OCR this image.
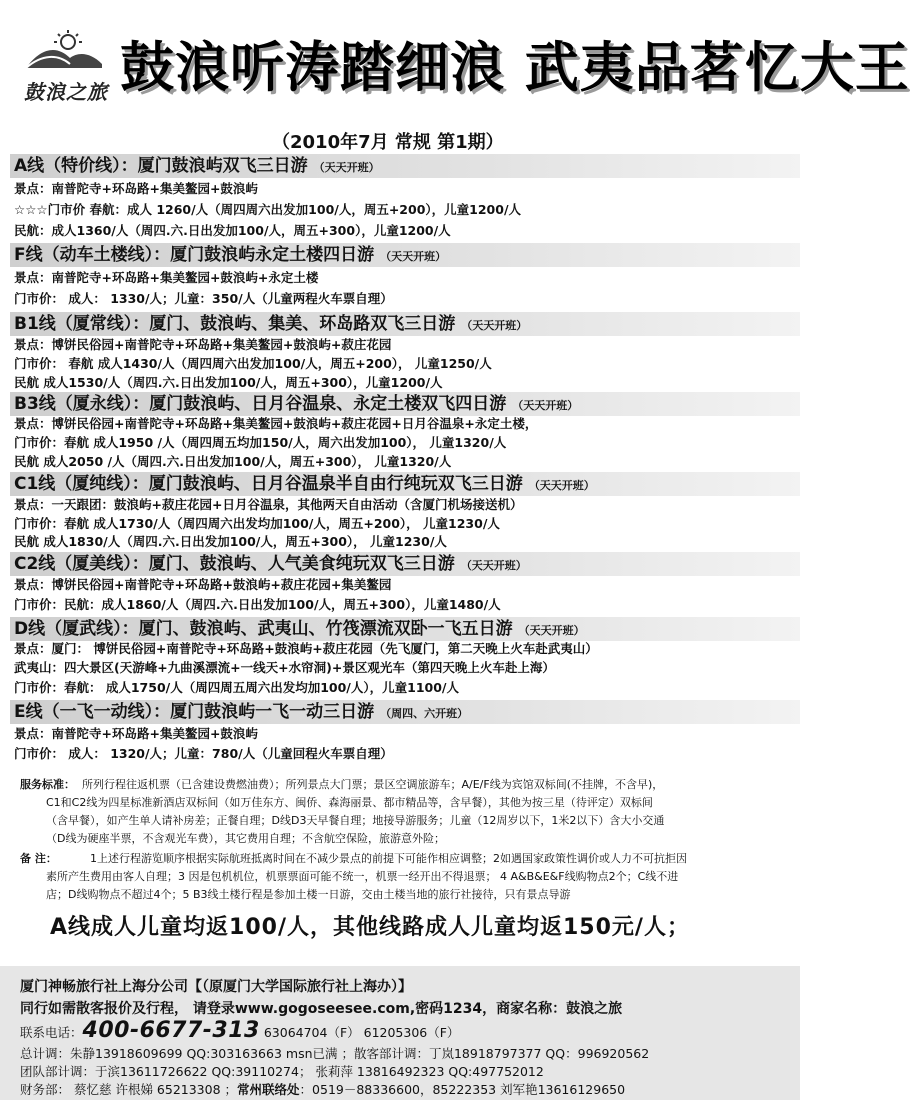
鼓浪之旅 鼓浪听涛踏细浪 武夷品茗忆大王
（2010年7月 常规 第1期）
A线（特价线）：厦门鼓浪屿双飞三日游 （天天开班）
景点：南普陀寺+环岛路+集美鳌园+鼓浪屿
☆☆☆门市价 春航：成人 1260/人（周四周六出发加100/人，周五+200），儿童1200/人
民航：成人1360/人（周四.六.日出发加100/人，周五+300），儿童1200/人
F线（动车土楼线）：厦门鼓浪屿永定土楼四日游 （天天开班）
景点：南普陀寺+环岛路+集美鳌园+鼓浪屿+永定土楼
门市价： 成人： 1330/人；儿童：350/人（儿童两程火车票自理）
B1线（厦常线）：厦门、鼓浪屿、集美、环岛路双飞三日游 （天天开班）
景点：博饼民俗园+南普陀寺+环岛路+集美鳌园+鼓浪屿+菽庄花园
门市价： 春航 成人1430/人（周四周六出发加100/人，周五+200）， 儿童1250/人
民航 成人1530/人（周四.六.日出发加100/人，周五+300），儿童1200/人
B3线（厦永线）：厦门鼓浪屿、日月谷温泉、永定土楼双飞四日游 （天天开班）
景点：博饼民俗园+南普陀寺+环岛路+集美鳌园+鼓浪屿+菽庄花园+日月谷温泉+永定土楼，
门市价：春航 成人1950 /人（周四周五均加150/人，周六出发加100）， 儿童1320/人
民航 成人2050 /人（周四.六.日出发加100/人，周五+300）， 儿童1320/人
C1线（厦纯线）：厦门鼓浪屿、日月谷温泉半自由行纯玩双飞三日游 （天天开班）
景点：一天跟团：鼓浪屿+菽庄花园+日月谷温泉，其他两天自由活动（含厦门机场接送机）
门市价：春航 成人1730/人（周四周六出发均加100/人，周五+200）， 儿童1230/人
民航 成人1830/人（周四.六.日出发加100/人，周五+300）， 儿童1230/人
C2线（厦美线）：厦门、鼓浪屿、人气美食纯玩双飞三日游 （天天开班）
景点：博饼民俗园+南普陀寺+环岛路+鼓浪屿+菽庄花园+集美鳌园
门市价：民航：成人1860/人（周四.六.日出发加100/人，周五+300），儿童1480/人
D线（厦武线）：厦门、鼓浪屿、武夷山、竹筏漂流双卧一飞五日游 （天天开班）
景点：厦门： 博饼民俗园+南普陀寺+环岛路+鼓浪屿+菽庄花园（先飞厦门，第二天晚上火车赴武夷山）
武夷山：四大景区(天游峰+九曲溪漂流+一线天+水帘洞)+景区观光车（第四天晚上火车赴上海）
门市价：春航： 成人1750/人（周四周五周六出发均加100/人），儿童1100/人
E线（一飞一动线）：厦门鼓浪屿一飞一动三日游 （周四、六开班）
景点：南普陀寺+环岛路+集美鳌园+鼓浪屿
门市价： 成人： 1320/人；儿童：780/人（儿童回程火车票自理）
服务标准： 所列行程往返机票（已含建设费燃油费）；所列景点大门票；景区空调旅游车；A/E/F线为宾馆双标间(不挂牌，不含早)，
C1和C2线为四星标准新酒店双标间（如万佳东方、闽侨、森海丽景、都市精品等，含早餐），其他为按三星（待评定）双标间
（含早餐），如产生单人请补房差；正餐自理；D线D3天早餐自理；地接导游服务；儿童（12周岁以下，1米2以下）含大小交通
（D线为硬座半票，不含观光车费），其它费用自理；不含航空保险，旅游意外险；
备 注：	1上述行程游览顺序根据实际航班抵离时间在不减少景点的前提下可能作相应调整；2如遇国家政策性调价或人力不可抗拒因
素所产生费用由客人自理；3 因是包机机位，机票票面可能不统一，机票一经开出不得退票； 4 A&B&E&F线购物点2个；C线不进
店；D线购物点不超过4个；5 B3线土楼行程是参加土楼一日游，交由土楼当地的旅行社接待，只有景点导游
A线成人儿童均返100/人，其他线路成人儿童均返150元/人；
厦门神畅旅行社上海分公司【（原厦门大学国际旅行社上海办）】
同行如需散客报价及行程， 请登录www.gogoseesee.com,密码1234，商家名称：鼓浪之旅
联系电话：400-6677-313 63064704（F） 61205306（F）
总计调：朱静13918609699 QQ:303163663 msn已满 ；散客部计调：丁岚18918797377 QQ：996920562
团队部计调：于滨13611726622 QQ:39110274； 张莉萍 13816492323 QQ:497752012
财务部： 蔡忆慈 许根娣 65213308 ；常州联络处：0519－88336600，85222353 刘军艳13616129650
